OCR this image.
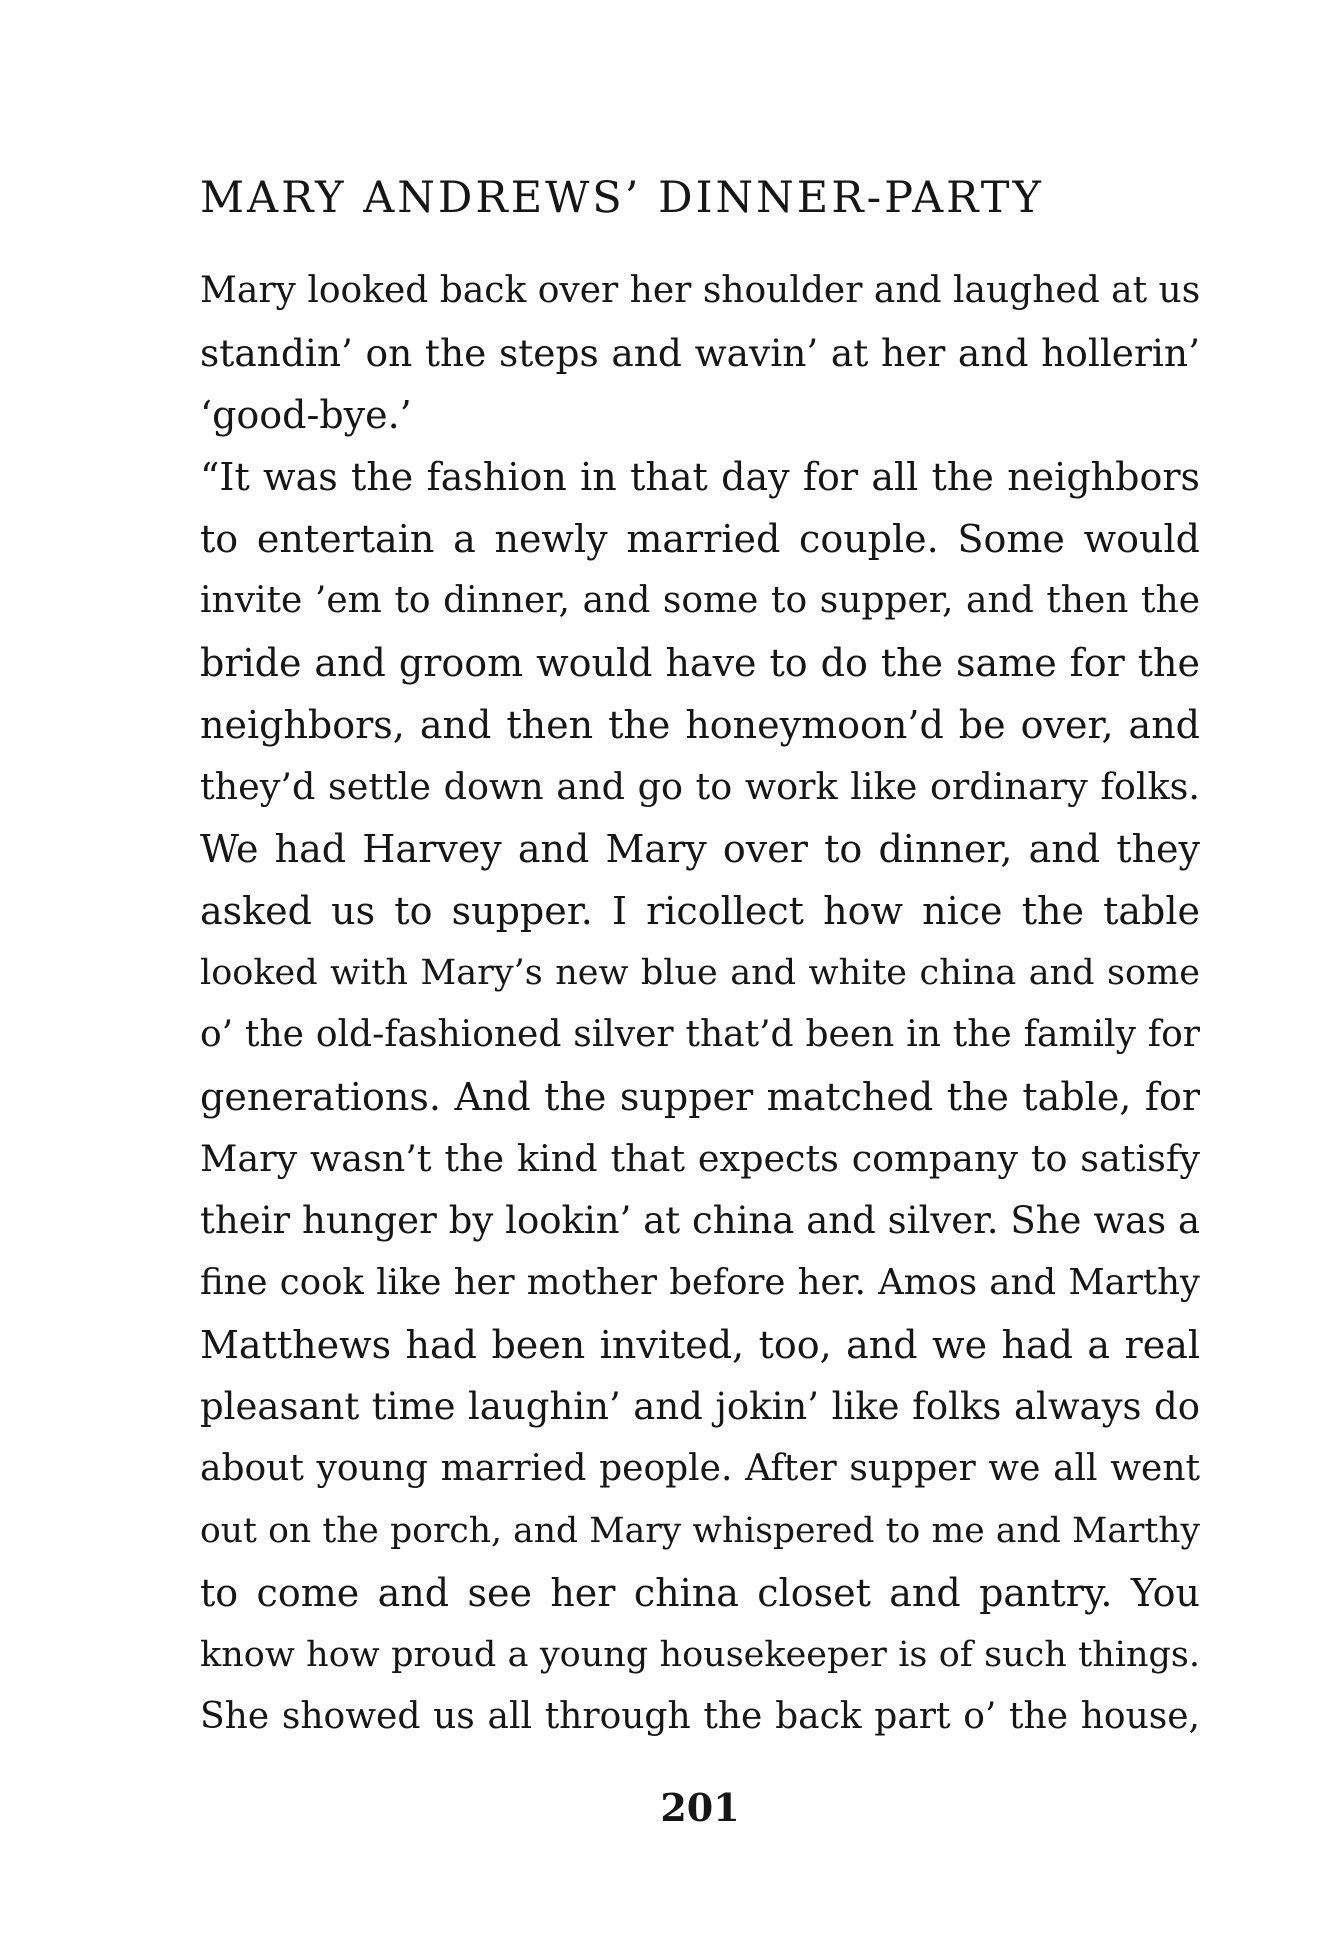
MARY ANDREWS’ DINNER-PARTY
Mary looked back over her shoulder and laughed at us
standin’ on the steps and wavin’ at her and hollerin’
‘good-bye.’
“It was the fashion in that day for all the neighbors
to entertain a newly married couple. Some would
invite ’em to dinner, and some to supper, and then the
bride and groom would have to do the same for the
neighbors, and then the honeymoon’d be over, and
they’d settle down and go to work like ordinary folks.
We had Harvey and Mary over to dinner, and they
asked us to supper. I ricollect how nice the table
looked with Mary’s new blue and white china and some
o’ the old-fashioned silver that’d been in the family for
generations. And the supper matched the table, for
Mary wasn’t the kind that expects company to satisfy
their hunger by lookin’ at china and silver. She was a
fine cook like her mother before her. Amos and Marthy
Matthews had been invited, too, and we had a real
pleasant time laughin’ and jokin’ like folks always do
about young married people. After supper we all went
out on the porch, and Mary whispered to me and Marthy
to come and see her china closet and pantry. You
know how proud a young housekeeper is of such things.
She showed us all through the back part o’ the house,
201
